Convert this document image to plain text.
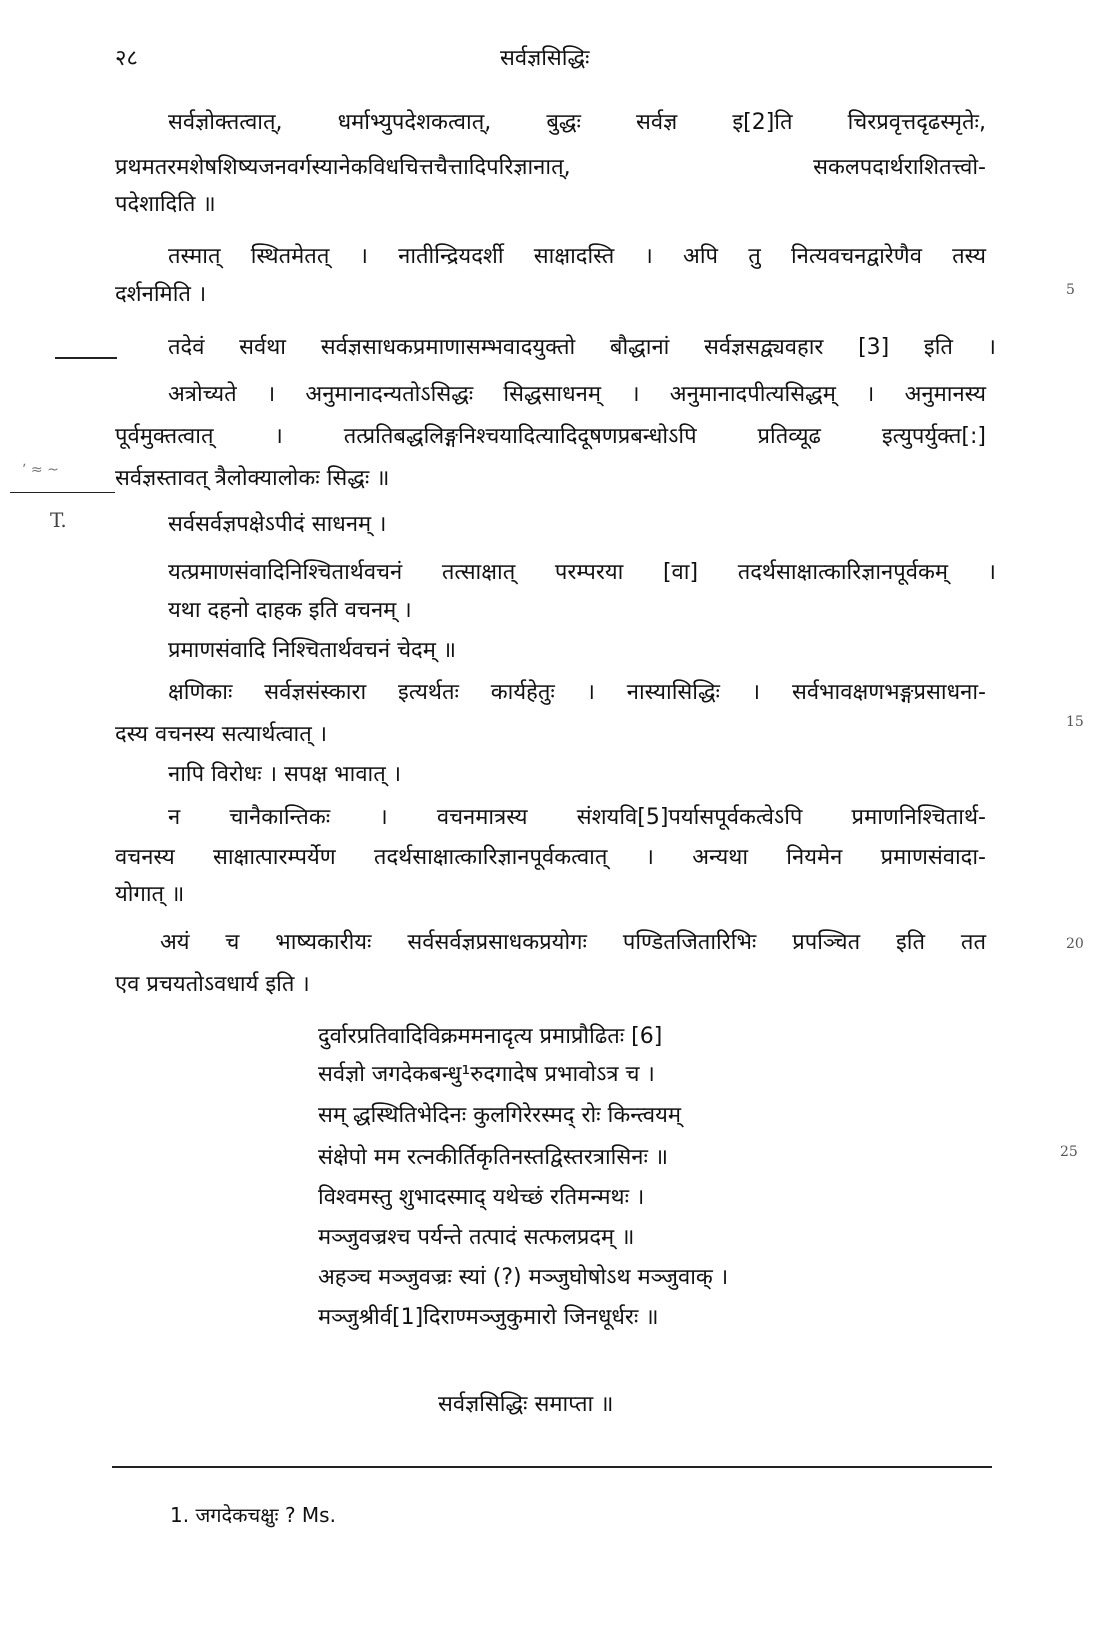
२८	सर्वज्ञसिद्धिः
सर्वज्ञोक्तत्वात्, धर्माभ्युपदेशकत्वात्, बुद्धः सर्वज्ञ इ[2]ति चिरप्रवृत्तदृढस्मृतेः,
प्रथमतरमशेषशिष्यजनवर्गस्यानेकविधचित्तचैत्तादिपरिज्ञानात्, सकलपदार्थराशितत्त्वो-
पदेशादिति ॥
तस्मात् स्थितमेतत् । नातीन्द्रियदर्शी साक्षादस्ति । अपि तु नित्यवचनद्वारेणैव तस्य
दर्शनमिति ।
तदेवं सर्वथा सर्वज्ञसाधकप्रमाणासम्भवादयुक्तो बौद्धानां सर्वज्ञसद्व्यवहार [3] इति ।
अत्रोच्यते । अनुमानादन्यतोऽसिद्धः सिद्धसाधनम् । अनुमानादपीत्यसिद्धम् । अनुमानस्य
पूर्वमुक्तत्वात् । तत्प्रतिबद्धलिङ्गनिश्चयादित्यादिदूषणप्रबन्धोऽपि प्रतिव्यूढ इत्युपर्युक्त[:]
सर्वज्ञस्तावत् त्रैलोक्यालोकः सिद्धः ॥
ʼ ≈ ~
T.	सर्वसर्वज्ञपक्षेऽपीदं साधनम् ।
यत्प्रमाणसंवादिनिश्चितार्थवचनं तत्साक्षात् परम्परया [वा] तदर्थसाक्षात्कारिज्ञानपूर्वकम् ।
यथा दहनो दाहक इति वचनम् ।
प्रमाणसंवादि निश्चितार्थवचनं चेदम् ॥
क्षणिकाः सर्वज्ञसंस्कारा इत्यर्थतः कार्यहेतुः । नास्यासिद्धिः । सर्वभावक्षणभङ्गप्रसाधना-
दस्य वचनस्य सत्यार्थत्वात् ।
नापि विरोधः । सपक्ष भावात् ।
न चानैकान्तिकः । वचनमात्रस्य संशयवि[5]पर्यासपूर्वकत्वेऽपि प्रमाणनिश्चितार्थ-
वचनस्य साक्षात्पारम्पर्येण तदर्थसाक्षात्कारिज्ञानपूर्वकत्वात् । अन्यथा नियमेन प्रमाणसंवादा-
योगात् ॥
अयं च भाष्यकारीयः सर्वसर्वज्ञप्रसाधकप्रयोगः पण्डितजितारिभिः प्रपञ्चित इति तत
एव प्रचयतोऽवधार्य इति ।
दुर्वारप्रतिवादिविक्रममनादृत्य प्रमाप्रौढितः [6]
सर्वज्ञो जगदेकबन्धु¹रुदगादेष प्रभावोऽत्र च ।
सम् द्धस्थितिभेदिनः कुलगिरेरस्मद् रोः किन्त्वयम्
संक्षेपो मम रत्नकीर्तिकृतिनस्तद्विस्तरत्रासिनः ॥
विश्वमस्तु शुभादस्माद् यथेच्छं रतिमन्मथः ।
मञ्जुवज्रश्च पर्यन्ते तत्पादं सत्फलप्रदम् ॥
अहञ्च मञ्जुवज्रः स्यां (?) मञ्जुघोषोऽथ मञ्जुवाक् ।
मञ्जुश्रीर्व[1]दिराण्मञ्जुकुमारो जिनधूर्धरः ॥
सर्वज्ञसिद्धिः समाप्ता ॥
1. जगदेकचक्षुः ? Ms.
5
15
20
25
